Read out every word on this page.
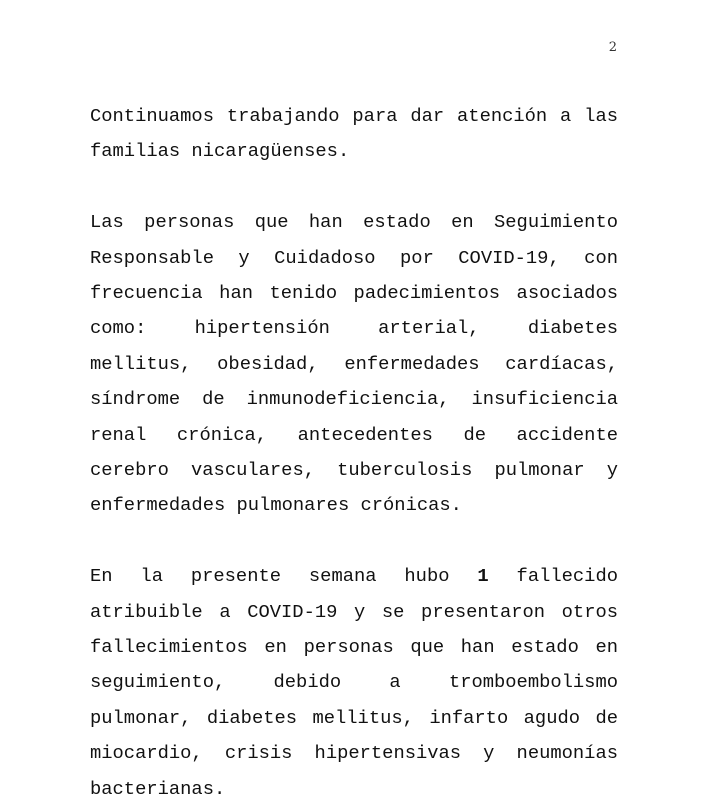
2

Continuamos trabajando para dar atención a las familias nicaragüenses.

Las personas que han estado en Seguimiento Responsable y Cuidadoso por COVID-19, con frecuencia han tenido padecimientos asociados como: hipertensión arterial, diabetes mellitus, obesidad, enfermedades cardíacas, síndrome de inmunodeficiencia, insuficiencia renal crónica, antecedentes de accidente cerebro vasculares, tuberculosis pulmonar y enfermedades pulmonares crónicas.

En la presente semana hubo 1 fallecido atribuible a COVID-19 y se presentaron otros fallecimientos en personas que han estado en seguimiento, debido a tromboembolismo pulmonar, diabetes mellitus, infarto agudo de miocardio, crisis hipertensivas y neumonías bacterianas.
